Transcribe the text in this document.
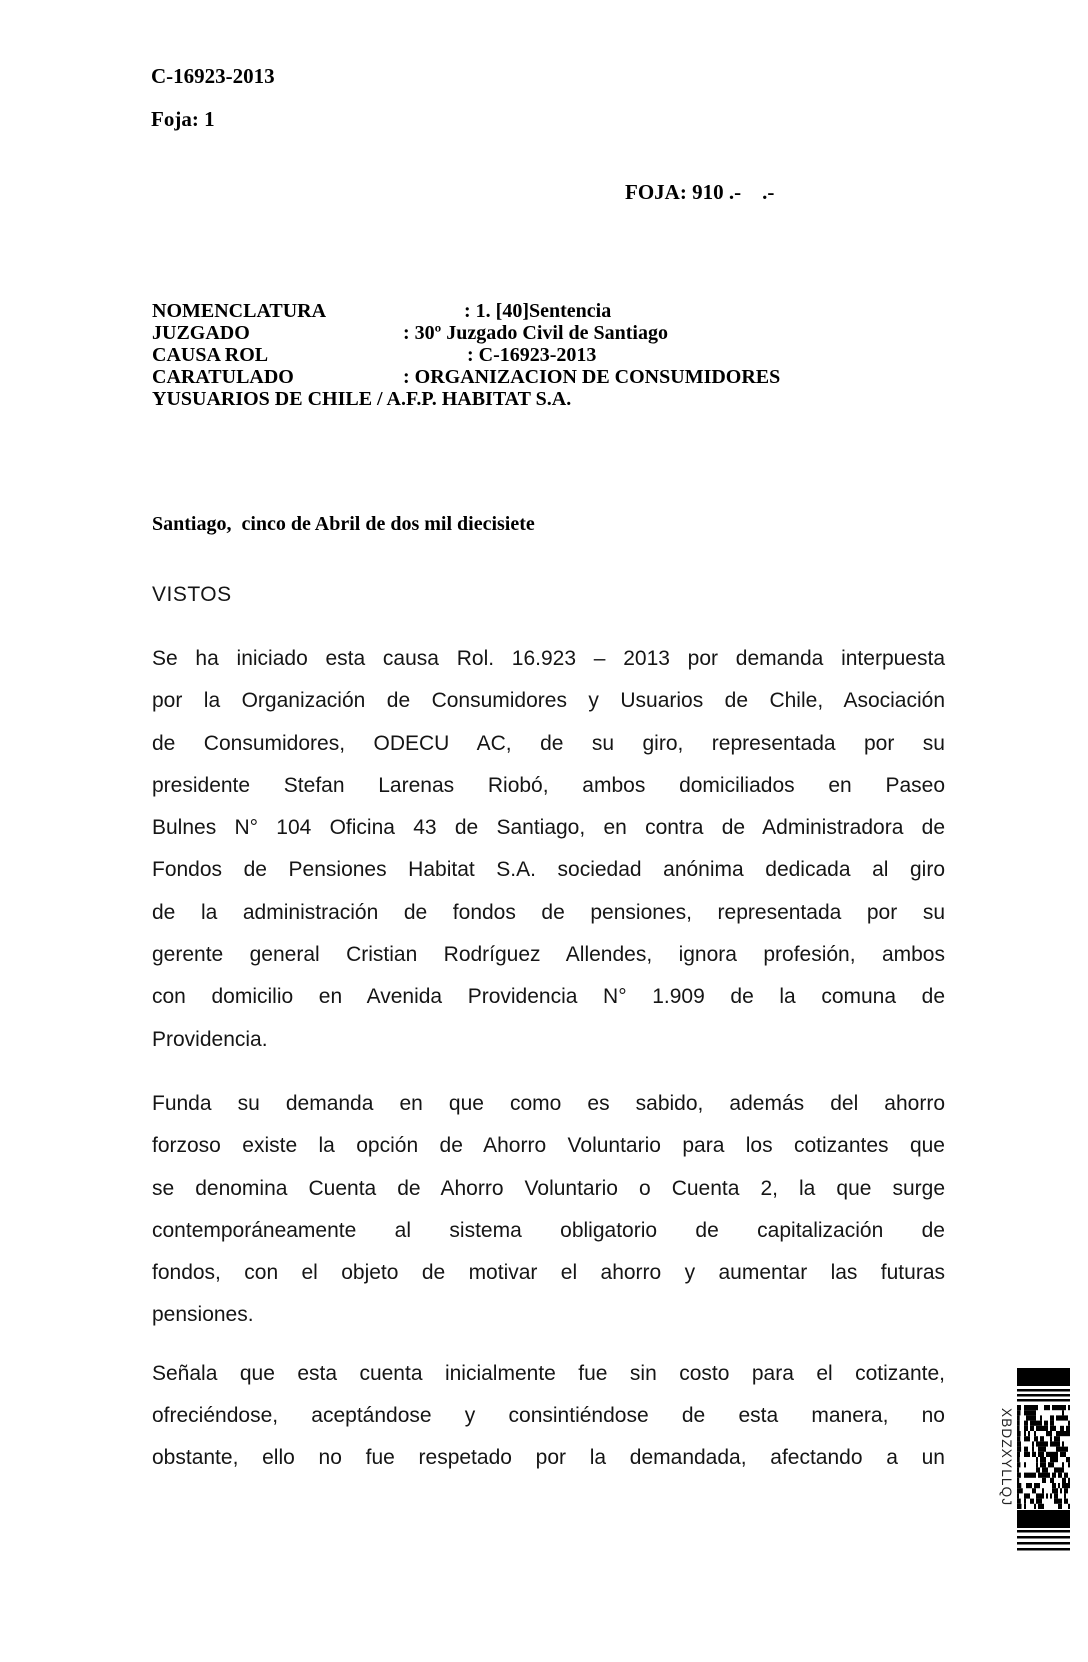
C-16923-2013
Foja: 1
FOJA: 910 .-    .-
NOMENCLATURA	: 1. [40]Sentencia
JUZGADO	: 30º Juzgado Civil de Santiago
CAUSA ROL	: C-16923-2013
CARATULADO	: ORGANIZACION DE CONSUMIDORES
YUSUARIOS DE CHILE / A.F.P. HABITAT S.A.
Santiago,  cinco de Abril de dos mil diecisiete
VISTOS
Se ha iniciado esta causa Rol. 16.923 – 2013 por demanda interpuesta
por la Organización de Consumidores y Usuarios de Chile, Asociación
de Consumidores, ODECU AC, de su giro, representada por su
presidente Stefan Larenas Riobó, ambos domiciliados en Paseo
Bulnes N° 104 Oficina 43 de Santiago, en contra de Administradora de
Fondos de Pensiones Habitat S.A. sociedad anónima dedicada al giro
de la administración de fondos de pensiones, representada por su
gerente general Cristian Rodríguez Allendes, ignora profesión, ambos
con domicilio en Avenida Providencia N° 1.909 de la comuna de
Providencia.
Funda su demanda en que como es sabido, además del ahorro
forzoso existe la opción de Ahorro Voluntario para los cotizantes que
se denomina Cuenta de Ahorro Voluntario o Cuenta 2, la que surge
contemporáneamente al sistema obligatorio de capitalización de
fondos, con el objeto de motivar el ahorro y aumentar las futuras
pensiones.
Señala que esta cuenta inicialmente fue sin costo para el cotizante,
ofreciéndose, aceptándose y consintiéndose de esta manera, no
obstante, ello no fue respetado por la demandada, afectando a un	XBDZXYLLQJ
